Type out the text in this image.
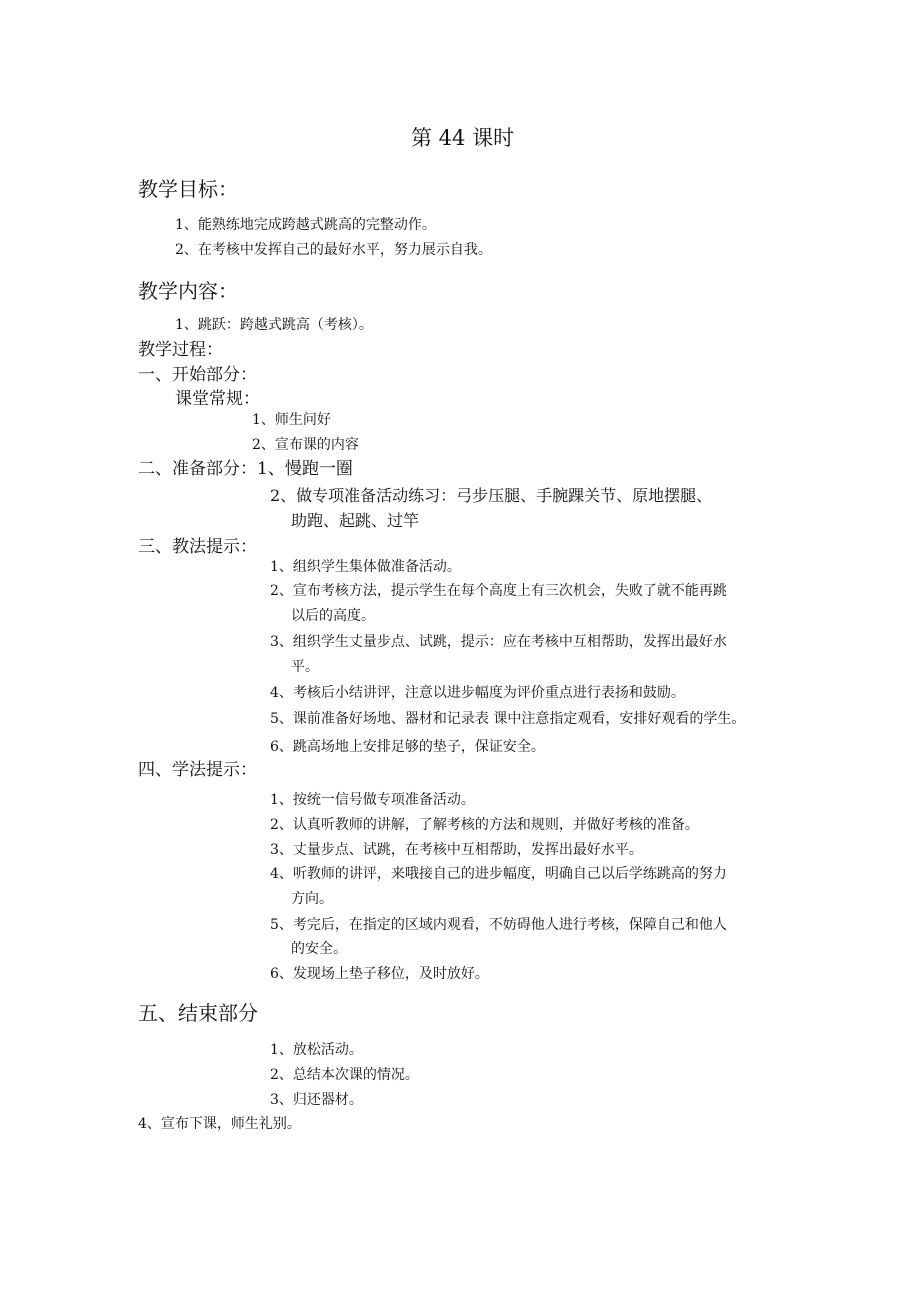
第 44 课时
教学目标：
1、能熟练地完成跨越式跳高的完整动作。
2、在考核中发挥自己的最好水平，努力展示自我。
教学内容：
1、跳跃：跨越式跳高（考核）。
教学过程：
一、开始部分：
课堂常规：
1、师生问好
2、宣布课的内容
二、准备部分：1、慢跑一圈
2、做专项准备活动练习：弓步压腿、手腕踝关节、原地摆腿、
助跑、起跳、过竿
三、教法提示：
1、组织学生集体做准备活动。
2、宣布考核方法，提示学生在每个高度上有三次机会，失败了就不能再跳
以后的高度。
3、组织学生丈量步点、试跳，提示：应在考核中互相帮助，发挥出最好水
平。
4、考核后小结讲评，注意以进步幅度为评价重点进行表扬和鼓励。
5、课前准备好场地、器材和记录表 课中注意指定观看，安排好观看的学生。
6、跳高场地上安排足够的垫子，保证安全。
四、学法提示：
1、按统一信号做专项准备活动。
2、认真听教师的讲解，了解考核的方法和规则，并做好考核的准备。
3、丈量步点、试跳，在考核中互相帮助，发挥出最好水平。
4、听教师的讲评，来哦接自己的进步幅度，明确自己以后学练跳高的努力
方向。
5、考完后，在指定的区域内观看，不妨碍他人进行考核，保障自己和他人
的安全。
6、发现场上垫子移位，及时放好。
五、结束部分
1、放松活动。
2、总结本次课的情况。
3、归还器材。
4、宣布下课，师生礼别。
